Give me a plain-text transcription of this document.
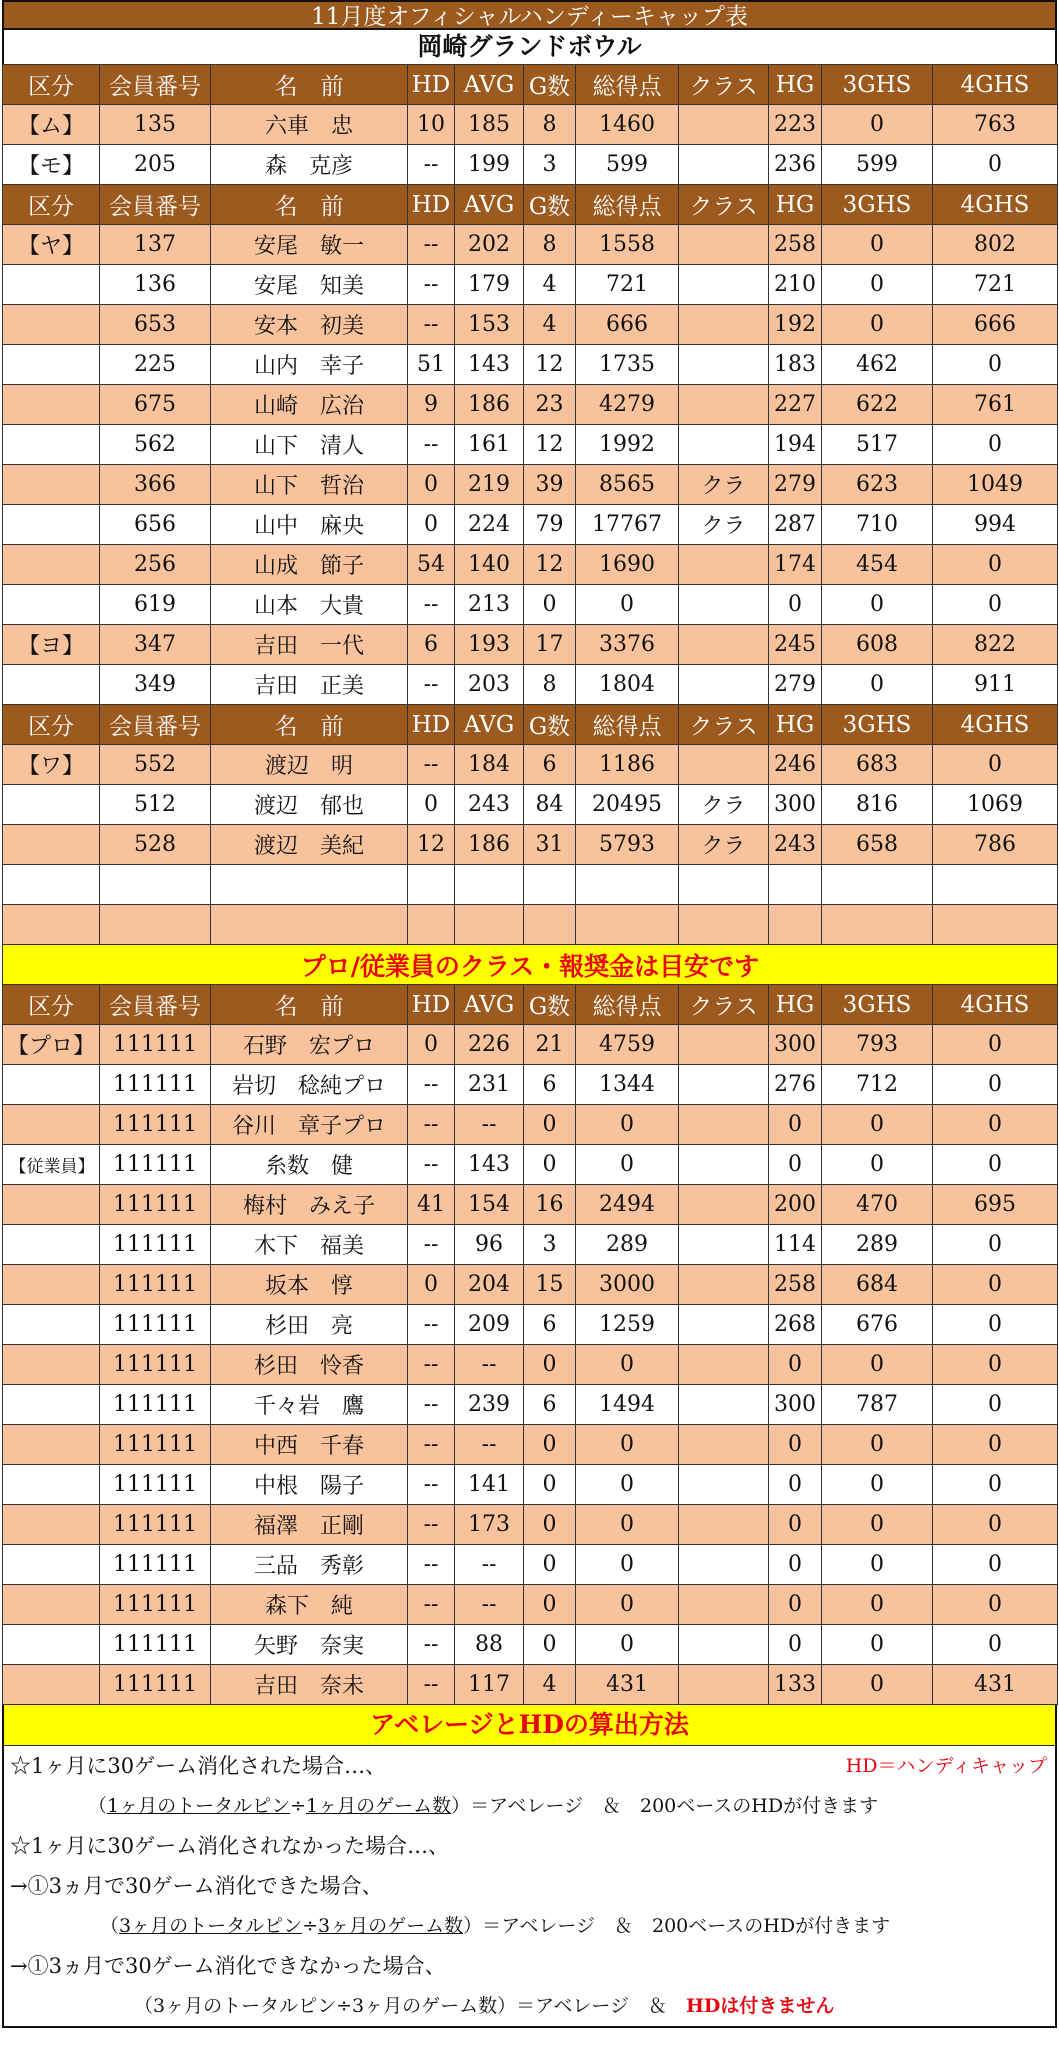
11月度オフィシャルハンディーキャップ表
岡崎グランドボウル
区分	会員番号	名　前	HD	AVG	G数	総得点	クラス	HG	3GHS	4GHS
【ム】	135	六車　忠	10	185	8	1460		223	0	763
【モ】	205	森　克彦	--	199	3	599		236	599	0
区分	会員番号	名　前	HD	AVG	G数	総得点	クラス	HG	3GHS	4GHS
【ヤ】	137	安尾　敏一	--	202	8	1558		258	0	802
	136	安尾　知美	--	179	4	721		210	0	721
	653	安本　初美	--	153	4	666		192	0	666
	225	山内　幸子	51	143	12	1735		183	462	0
	675	山崎　広治	9	186	23	4279		227	622	761
	562	山下　清人	--	161	12	1992		194	517	0
	366	山下　哲治	0	219	39	8565	クラ	279	623	1049
	656	山中　麻央	0	224	79	17767	クラ	287	710	994
	256	山成　節子	54	140	12	1690		174	454	0
	619	山本　大貴	--	213	0	0		0	0	0
【ヨ】	347	吉田　一代	6	193	17	3376		245	608	822
	349	吉田　正美	--	203	8	1804		279	0	911
区分	会員番号	名　前	HD	AVG	G数	総得点	クラス	HG	3GHS	4GHS
【ワ】	552	渡辺　明	--	184	6	1186		246	683	0
	512	渡辺　郁也	0	243	84	20495	クラ	300	816	1069
	528	渡辺　美紀	12	186	31	5793	クラ	243	658	786

プロ/従業員のクラス・報奨金は目安です										
区分	会員番号	名　前	HD	AVG	G数	総得点	クラス	HG	3GHS	4GHS
【プロ】	111111	石野　宏プロ	0	226	21	4759		300	793	0
	111111	岩切　稔純プロ	--	231	6	1344		276	712	0
	111111	谷川　章子プロ	--	--	0	0		0	0	0
【従業員】	111111	糸数　健	--	143	0	0		0	0	0
	111111	梅村　みえ子	41	154	16	2494		200	470	695
	111111	木下　福美	--	96	3	289		114	289	0
	111111	坂本　惇	0	204	15	3000		258	684	0
	111111	杉田　亮	--	209	6	1259		268	676	0
	111111	杉田　怜香	--	--	0	0		0	0	0
	111111	千々岩　鷹	--	239	6	1494		300	787	0
	111111	中西　千春	--	--	0	0		0	0	0
	111111	中根　陽子	--	141	0	0		0	0	0
	111111	福澤　正剛	--	173	0	0		0	0	0
	111111	三品　秀彰	--	--	0	0		0	0	0
	111111	森下　純	--	--	0	0		0	0	0
	111111	矢野　奈実	--	88	0	0		0	0	0
	111111	吉田　奈未	--	117	4	431		133	0	431
アベレージとHDの算出方法
☆1ヶ月に30ゲーム消化された場合…、	HD＝ハンディキャップ
（1ヶ月のトータルピン÷1ヶ月のゲーム数）＝アベレージ　＆　200ベースのHDが付きます
☆1ヶ月に30ゲーム消化されなかった場合…、
→①3ヵ月で30ゲーム消化できた場合、
（3ヶ月のトータルピン÷3ヶ月のゲーム数）＝アベレージ　＆　200ベースのHDが付きます
→①3ヵ月で30ゲーム消化できなかった場合、
（3ヶ月のトータルピン÷3ヶ月のゲーム数）＝アベレージ　＆　HDは付きません
